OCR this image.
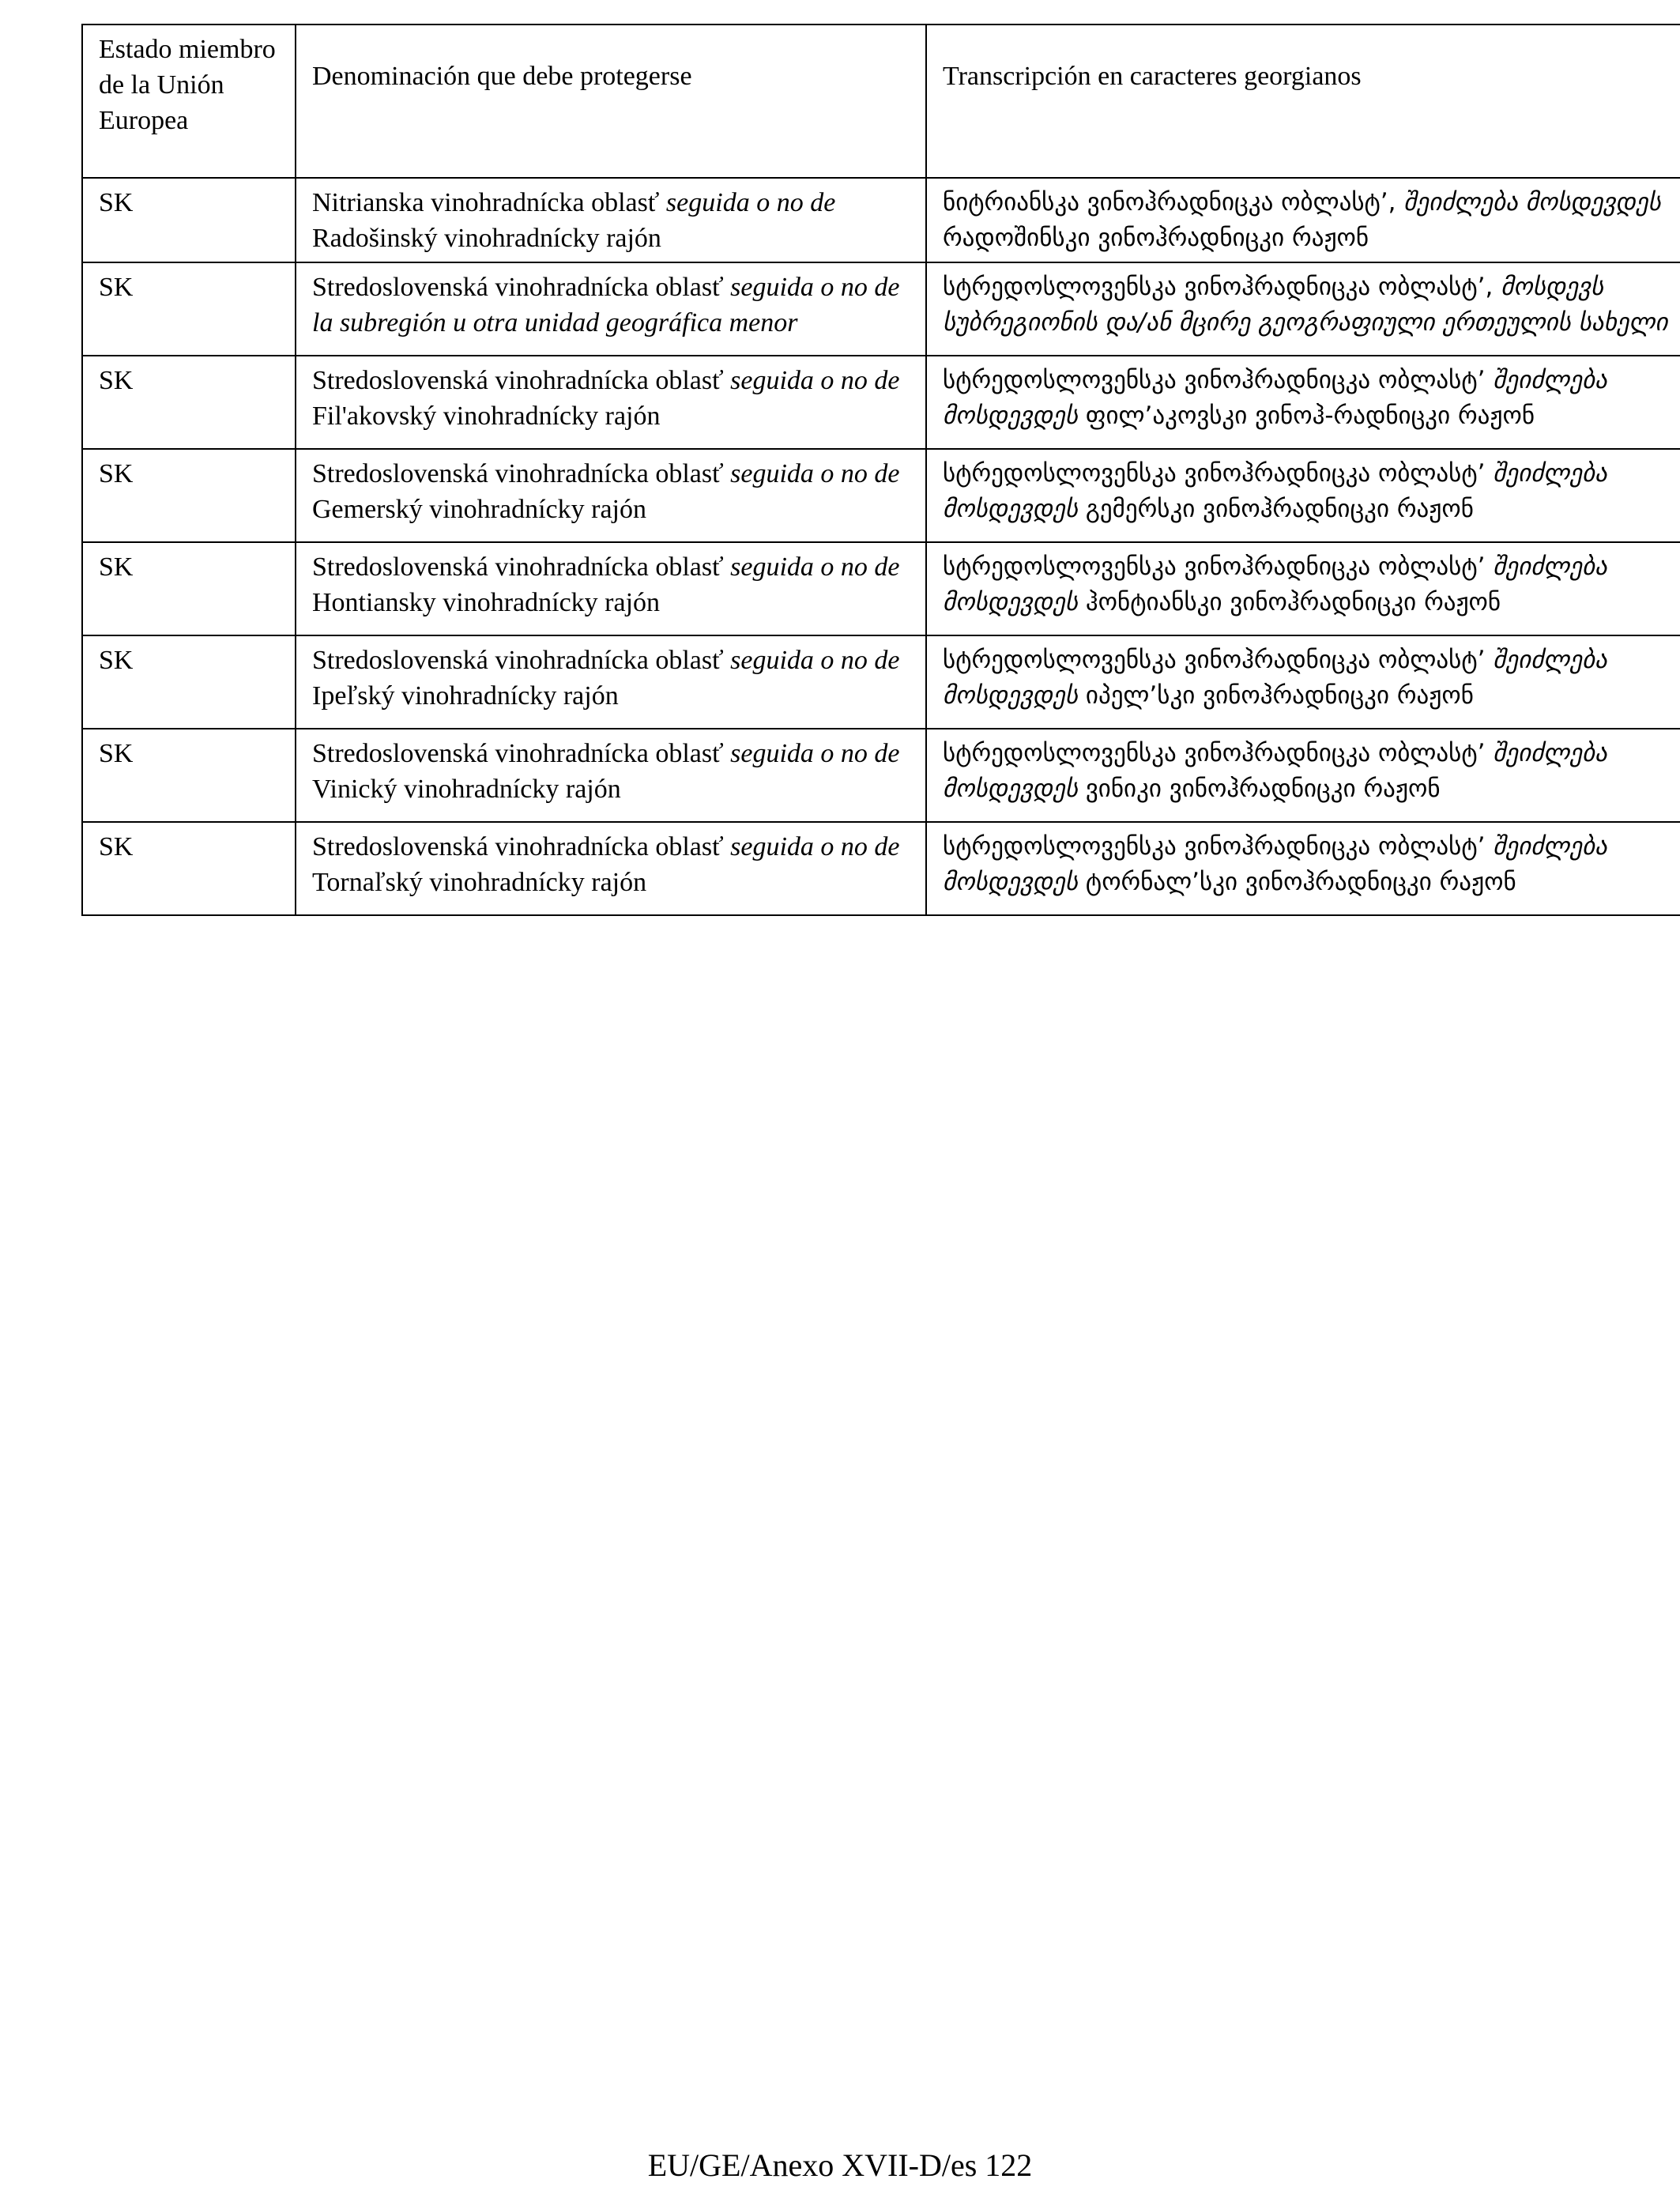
Estado miembro de la Unión Europea	Denominación que debe protegerse	Transcripción en caracteres georgianos

SK	Nitrianska vinohradnícka oblasť seguida o no de Radošinský vinohradnícky rajón	ნიტრიანსკა ვინოჰრადნიცკა ობლასტ’, შეიძლება მოსდევდეს რადოშინსკი ვინოჰრადნიცკი რაჟონ
SK	Stredoslovenská vinohradnícka oblasť seguida o no de la subregión u otra unidad geográfica menor	სტრედოსლოვენსკა ვინოჰრადნიცკა ობლასტ’, მოსდევს სუბრეგიონის და/ან მცირე გეოგრაფიული ერთეულის სახელი
SK	Stredoslovenská vinohradnícka oblasť seguida o no de Fil'akovský vinohradnícky rajón	სტრედოსლოვენსკა ვინოჰრადნიცკა ობლასტ’ შეიძლება მოსდევდეს ფილ’აკოვსკი ვინოჰ-რადნიცკი რაჟონ
SK	Stredoslovenská vinohradnícka oblasť seguida o no de Gemerský vinohradnícky rajón	სტრედოსლოვენსკა ვინოჰრადნიცკა ობლასტ’ შეიძლება მოსდევდეს გემერსკი ვინოჰრადნიცკი რაჟონ
SK	Stredoslovenská vinohradnícka oblasť seguida o no de Hontiansky vinohradnícky rajón	სტრედოსლოვენსკა ვინოჰრადნიცკა ობლასტ’ შეიძლება მოსდევდეს ჰონტიანსკი ვინოჰრადნიცკი რაჟონ
SK	Stredoslovenská vinohradnícka oblasť seguida o no de Ipeľský vinohradnícky rajón	სტრედოსლოვენსკა ვინოჰრადნიცკა ობლასტ’ შეიძლება მოსდევდეს იპელ’სკი ვინოჰრადნიცკი რაჟონ
SK	Stredoslovenská vinohradnícka oblasť seguida o no de Vinický vinohradnícky rajón	სტრედოსლოვენსკა ვინოჰრადნიცკა ობლასტ’ შეიძლება მოსდევდეს ვინიკი ვინოჰრადნიცკი რაჟონ
SK	Stredoslovenská vinohradnícka oblasť seguida o no de Tornaľský vinohradnícky rajón	სტრედოსლოვენსკა ვინოჰრადნიცკა ობლასტ’ შეიძლება მოსდევდეს ტორნალ’სკი ვინოჰრადნიცკი რაჟონ
EU/GE/Anexo XVII-D/es 122
